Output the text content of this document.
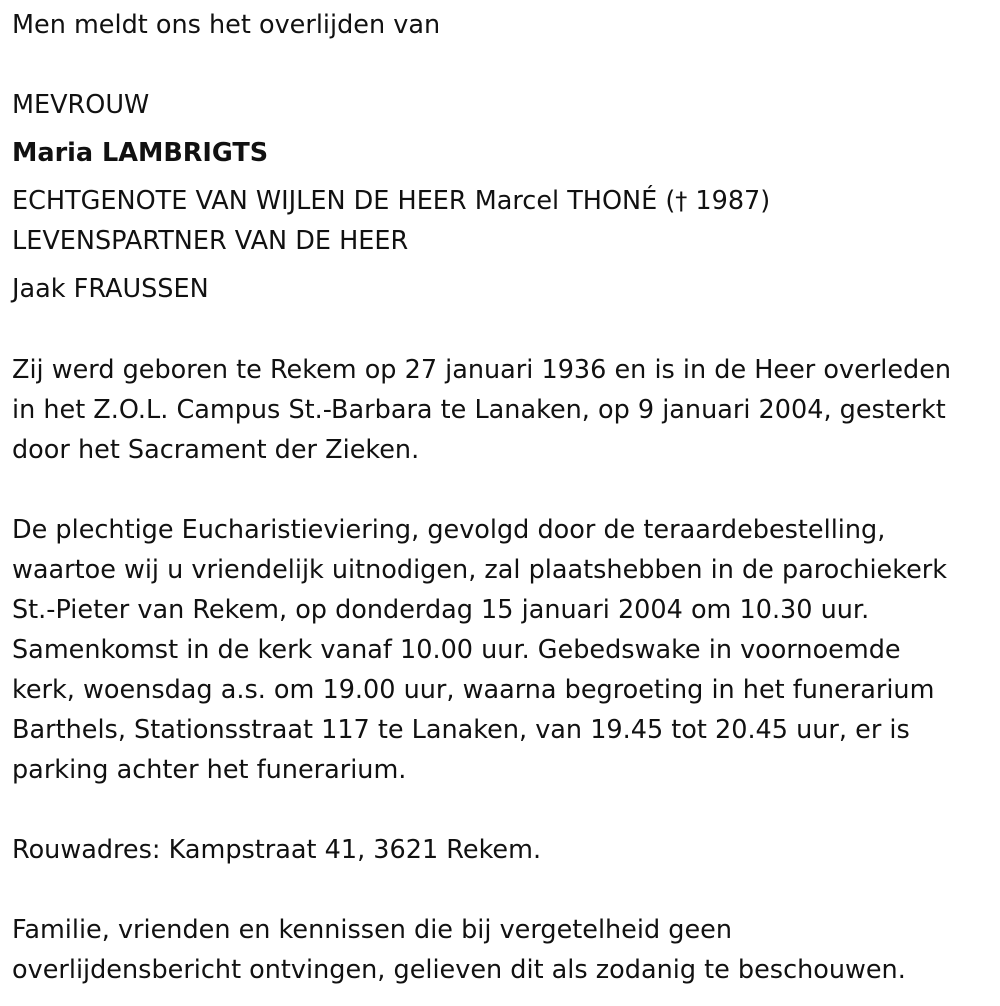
Men meldt ons het overlijden van
MEVROUW
Maria LAMBRIGTS
ECHTGENOTE VAN WIJLEN DE HEER Marcel THONÉ († 1987)
LEVENSPARTNER VAN DE HEER
Jaak FRAUSSEN
Zij werd geboren te Rekem op 27 januari 1936 en is in de Heer overleden
in het Z.O.L. Campus St.-Barbara te Lanaken, op 9 januari 2004, gesterkt
door het Sacrament der Zieken.
De plechtige Eucharistieviering, gevolgd door de teraardebestelling,
waartoe wij u vriendelijk uitnodigen, zal plaatshebben in de parochiekerk
St.-Pieter van Rekem, op donderdag 15 januari 2004 om 10.30 uur.
Samenkomst in de kerk vanaf 10.00 uur. Gebedswake in voornoemde
kerk, woensdag a.s. om 19.00 uur, waarna begroeting in het funerarium
Barthels, Stationsstraat 117 te Lanaken, van 19.45 tot 20.45 uur, er is
parking achter het funerarium.
Rouwadres: Kampstraat 41, 3621 Rekem.
Familie, vrienden en kennissen die bij vergetelheid geen
overlijdensbericht ontvingen, gelieven dit als zodanig te beschouwen.
